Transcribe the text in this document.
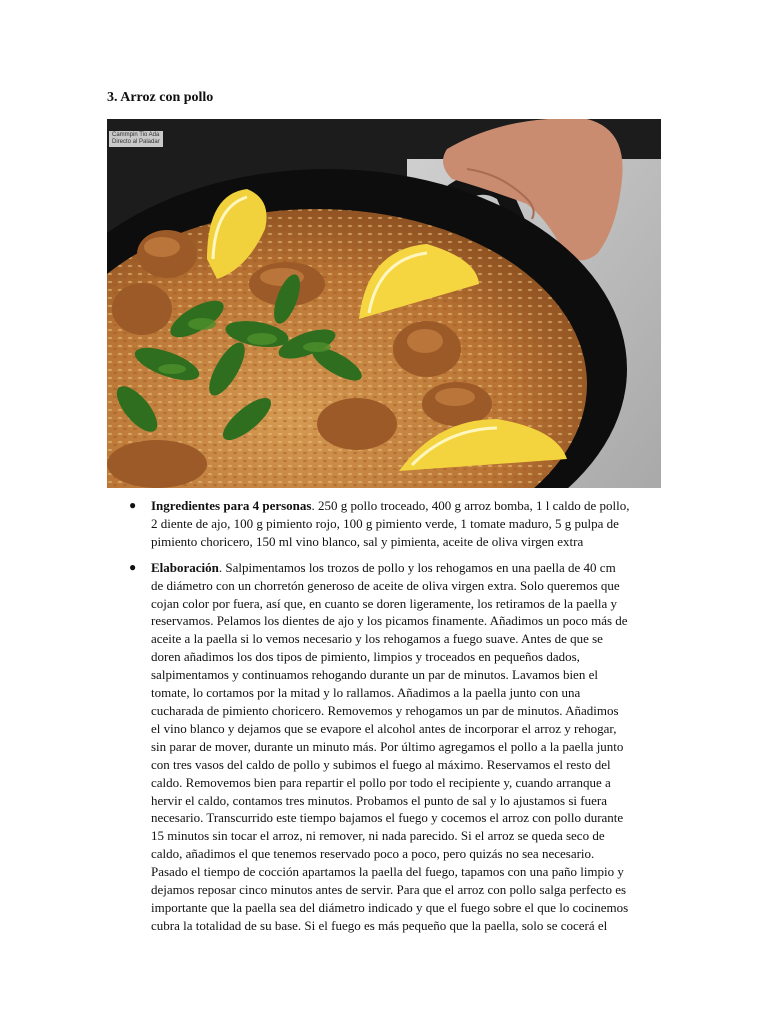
3. Arroz con pollo
Cammpin Tio Ada
Directo al Paladar
● Ingredientes para 4 personas. 250 g pollo troceado, 400 g arroz bomba, 1 l caldo de pollo,
2 diente de ajo, 100 g pimiento rojo, 100 g pimiento verde, 1 tomate maduro, 5 g pulpa de
pimiento choricero, 150 ml vino blanco, sal y pimienta, aceite de oliva virgen extra
● Elaboración. Salpimentamos los trozos de pollo y los rehogamos en una paella de 40 cm
de diámetro con un chorretón generoso de aceite de oliva virgen extra. Solo queremos que
cojan color por fuera, así que, en cuanto se doren ligeramente, los retiramos de la paella y
reservamos. Pelamos los dientes de ajo y los picamos finamente. Añadimos un poco más de
aceite a la paella si lo vemos necesario y los rehogamos a fuego suave. Antes de que se
doren añadimos los dos tipos de pimiento, limpios y troceados en pequeños dados,
salpimentamos y continuamos rehogando durante un par de minutos. Lavamos bien el
tomate, lo cortamos por la mitad y lo rallamos. Añadimos a la paella junto con una
cucharada de pimiento choricero. Removemos y rehogamos un par de minutos. Añadimos
el vino blanco y dejamos que se evapore el alcohol antes de incorporar el arroz y rehogar,
sin parar de mover, durante un minuto más. Por último agregamos el pollo a la paella junto
con tres vasos del caldo de pollo y subimos el fuego al máximo. Reservamos el resto del
caldo. Removemos bien para repartir el pollo por todo el recipiente y, cuando arranque a
hervir el caldo, contamos tres minutos. Probamos el punto de sal y lo ajustamos si fuera
necesario. Transcurrido este tiempo bajamos el fuego y cocemos el arroz con pollo durante
15 minutos sin tocar el arroz, ni remover, ni nada parecido. Si el arroz se queda seco de
caldo, añadimos el que tenemos reservado poco a poco, pero quizás no sea necesario.
Pasado el tiempo de cocción apartamos la paella del fuego, tapamos con una paño limpio y
dejamos reposar cinco minutos antes de servir. Para que el arroz con pollo salga perfecto es
importante que la paella sea del diámetro indicado y que el fuego sobre el que lo cocinemos
cubra la totalidad de su base. Si el fuego es más pequeño que la paella, solo se cocerá el
